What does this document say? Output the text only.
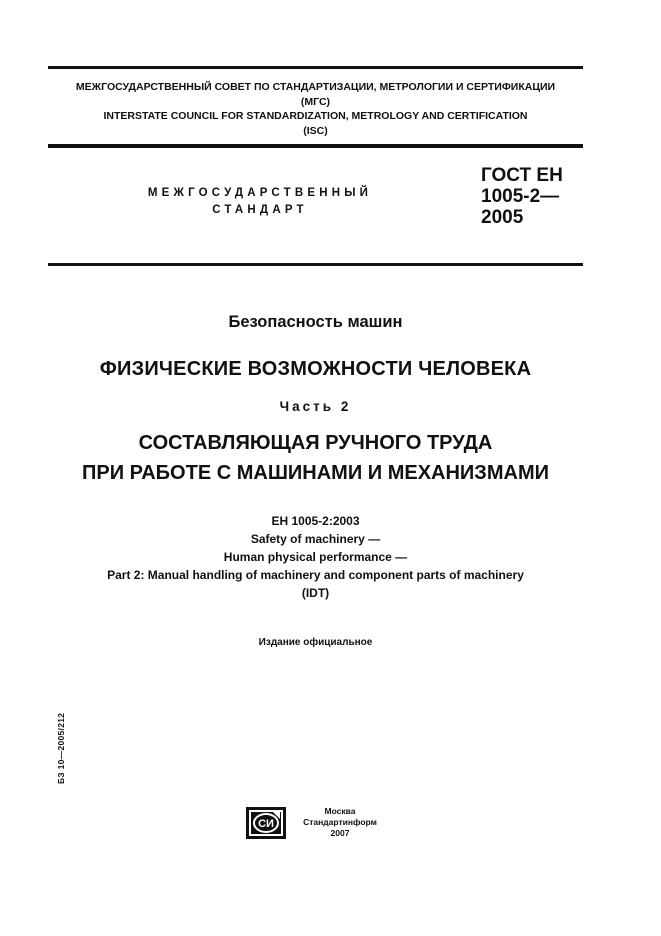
МЕЖГОСУДАРСТВЕННЫЙ СОВЕТ ПО СТАНДАРТИЗАЦИИ, МЕТРОЛОГИИ И СЕРТИФИКАЦИИ
(МГС)
INTERSTATE COUNCIL FOR STANDARDIZATION, METROLOGY AND CERTIFICATION
(ISC)
МЕЖГОСУДАРСТВЕННЫЙ
СТАНДАРТ
ГОСТ ЕН
1005-2—
2005
Безопасность машин
ФИЗИЧЕСКИЕ ВОЗМОЖНОСТИ ЧЕЛОВЕКА
Часть 2
СОСТАВЛЯЮЩАЯ РУЧНОГО ТРУДА
ПРИ РАБОТЕ С МАШИНАМИ И МЕХАНИЗМАМИ
ЕН 1005-2:2003
Safety of machinery —
Human physical performance —
Part 2: Manual handling of machinery and component parts of machinery
(IDT)
Издание официальное
БЗ 10—2005/212
СИ
Москва
Стандартинформ
2007
